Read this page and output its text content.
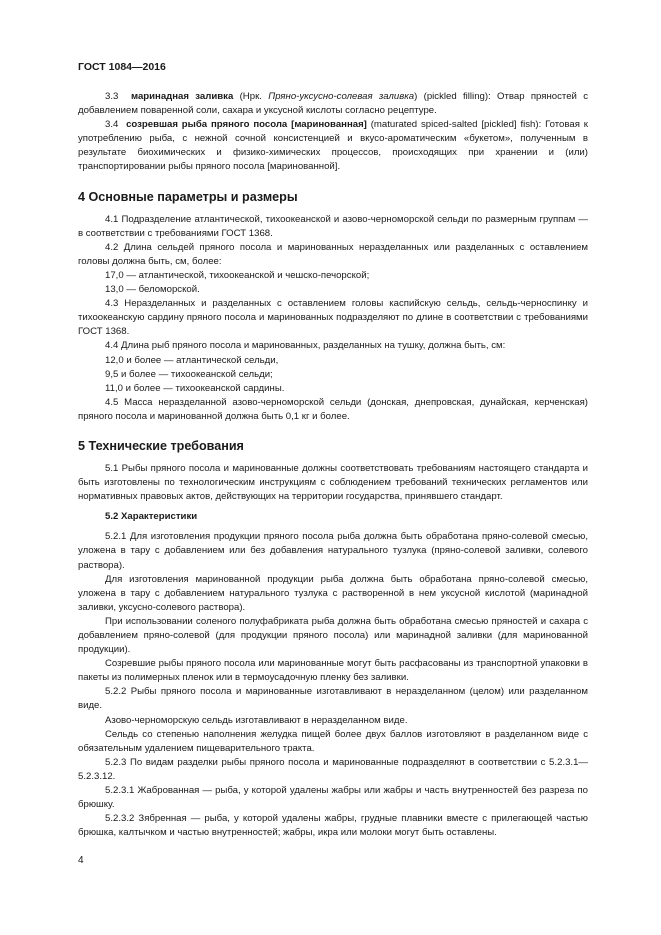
ГОСТ 1084—2016

3.3 маринадная заливка (Нрк. Пряно-уксусно-солевая заливка) (pickled filling): Отвар пряностей с добавлением поваренной соли, сахара и уксусной кислоты согласно рецептуре.

3.4 созревшая рыба пряного посола [маринованная] (maturated spiced-salted [pickled] fish): Готовая к употреблению рыба, с нежной сочной консистенцией и вкусо-ароматическим «букетом», полученным в результате биохимических и физико-химических процессов, происходящих при хранении и (или) транспортировании рыбы пряного посола [маринованной].

4 Основные параметры и размеры

4.1 Подразделение атлантической, тихоокеанской и азово-черноморской сельди по размерным группам — в соответствии с требованиями ГОСТ 1368.

4.2 Длина сельдей пряного посола и маринованных неразделанных или разделанных с оставлением головы должна быть, см, более:

17,0 — атлантической, тихоокеанской и чешско-печорской;

13,0 — беломорской.

4.3 Неразделанных и разделанных с оставлением головы каспийскую сельдь, сельдь-черноспинку и тихоокеанскую сардину пряного посола и маринованных подразделяют по длине в соответствии с требованиями ГОСТ 1368.

4.4 Длина рыб пряного посола и маринованных, разделанных на тушку, должна быть, см:

12,0 и более — атлантической сельди,

9,5 и более — тихоокеанской сельди;

11,0 и более — тихоокеанской сардины.

4.5 Масса неразделанной азово-черноморской сельди (донская, днепровская, дунайская, керченская) пряного посола и маринованной должна быть 0,1 кг и более.

5 Технические требования

5.1 Рыбы пряного посола и маринованные должны соответствовать требованиям настоящего стандарта и быть изготовлены по технологическим инструкциям с соблюдением требований технических регламентов или нормативных правовых актов, действующих на территории государства, принявшего стандарт.

5.2 Характеристики

5.2.1 Для изготовления продукции пряного посола рыба должна быть обработана пряно-солевой смесью, уложена в тару с добавлением или без добавления натурального тузлука (пряно-солевой заливки, солевого раствора).

Для изготовления маринованной продукции рыба должна быть обработана пряно-солевой смесью, уложена в тару с добавлением натурального тузлука с растворенной в нем уксусной кислотой (маринадной заливки, уксусно-солевого раствора).

При использовании соленого полуфабриката рыба должна быть обработана смесью пряностей и сахара с добавлением пряно-солевой (для продукции пряного посола) или маринадной заливки (для маринованной продукции).

Созревшие рыбы пряного посола или маринованные могут быть расфасованы из транспортной упаковки в пакеты из полимерных пленок или в термоусадочную пленку без заливки.

5.2.2 Рыбы пряного посола и маринованные изготавливают в неразделанном (целом) или разделанном виде.

Азово-черноморскую сельдь изготавливают в неразделанном виде.

Сельдь со степенью наполнения желудка пищей более двух баллов изготовляют в разделанном виде с обязательным удалением пищеварительного тракта.

5.2.3 По видам разделки рыбы пряного посола и маринованные подразделяют в соответствии с 5.2.3.1—5.2.3.12.

5.2.3.1 Жаброванная — рыба, у которой удалены жабры или жабры и часть внутренностей без разреза по брюшку.

5.2.3.2 Зябренная — рыба, у которой удалены жабры, грудные плавники вместе с прилегающей частью брюшка, калтычком и частью внутренностей; жабры, икра или молоки могут быть оставлены.

4
